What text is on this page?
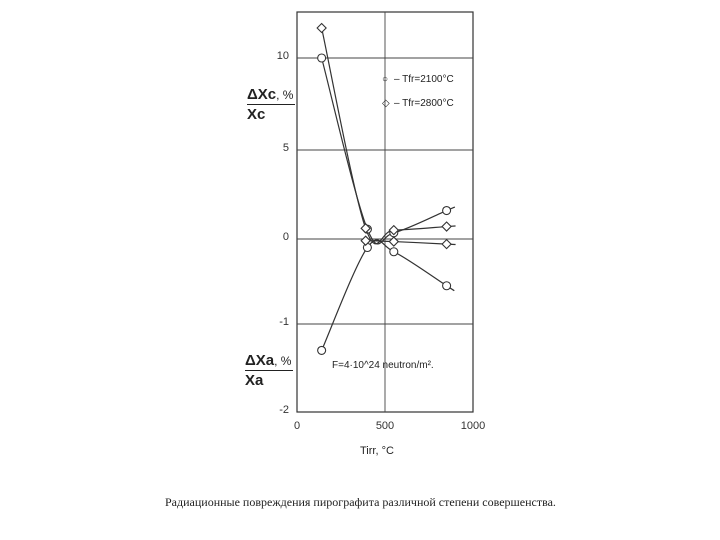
ΔXc, %
Xc
ΔXa, %
Xa
○ – Tfr=2100°C
◇ – Tfr=2800°C
F=4·10^24 neutron/m².
Tirr, °C
Радиационные повреждения пирографита различной степени совершенства.
10
5
0
-1
-2
0	500	1000
